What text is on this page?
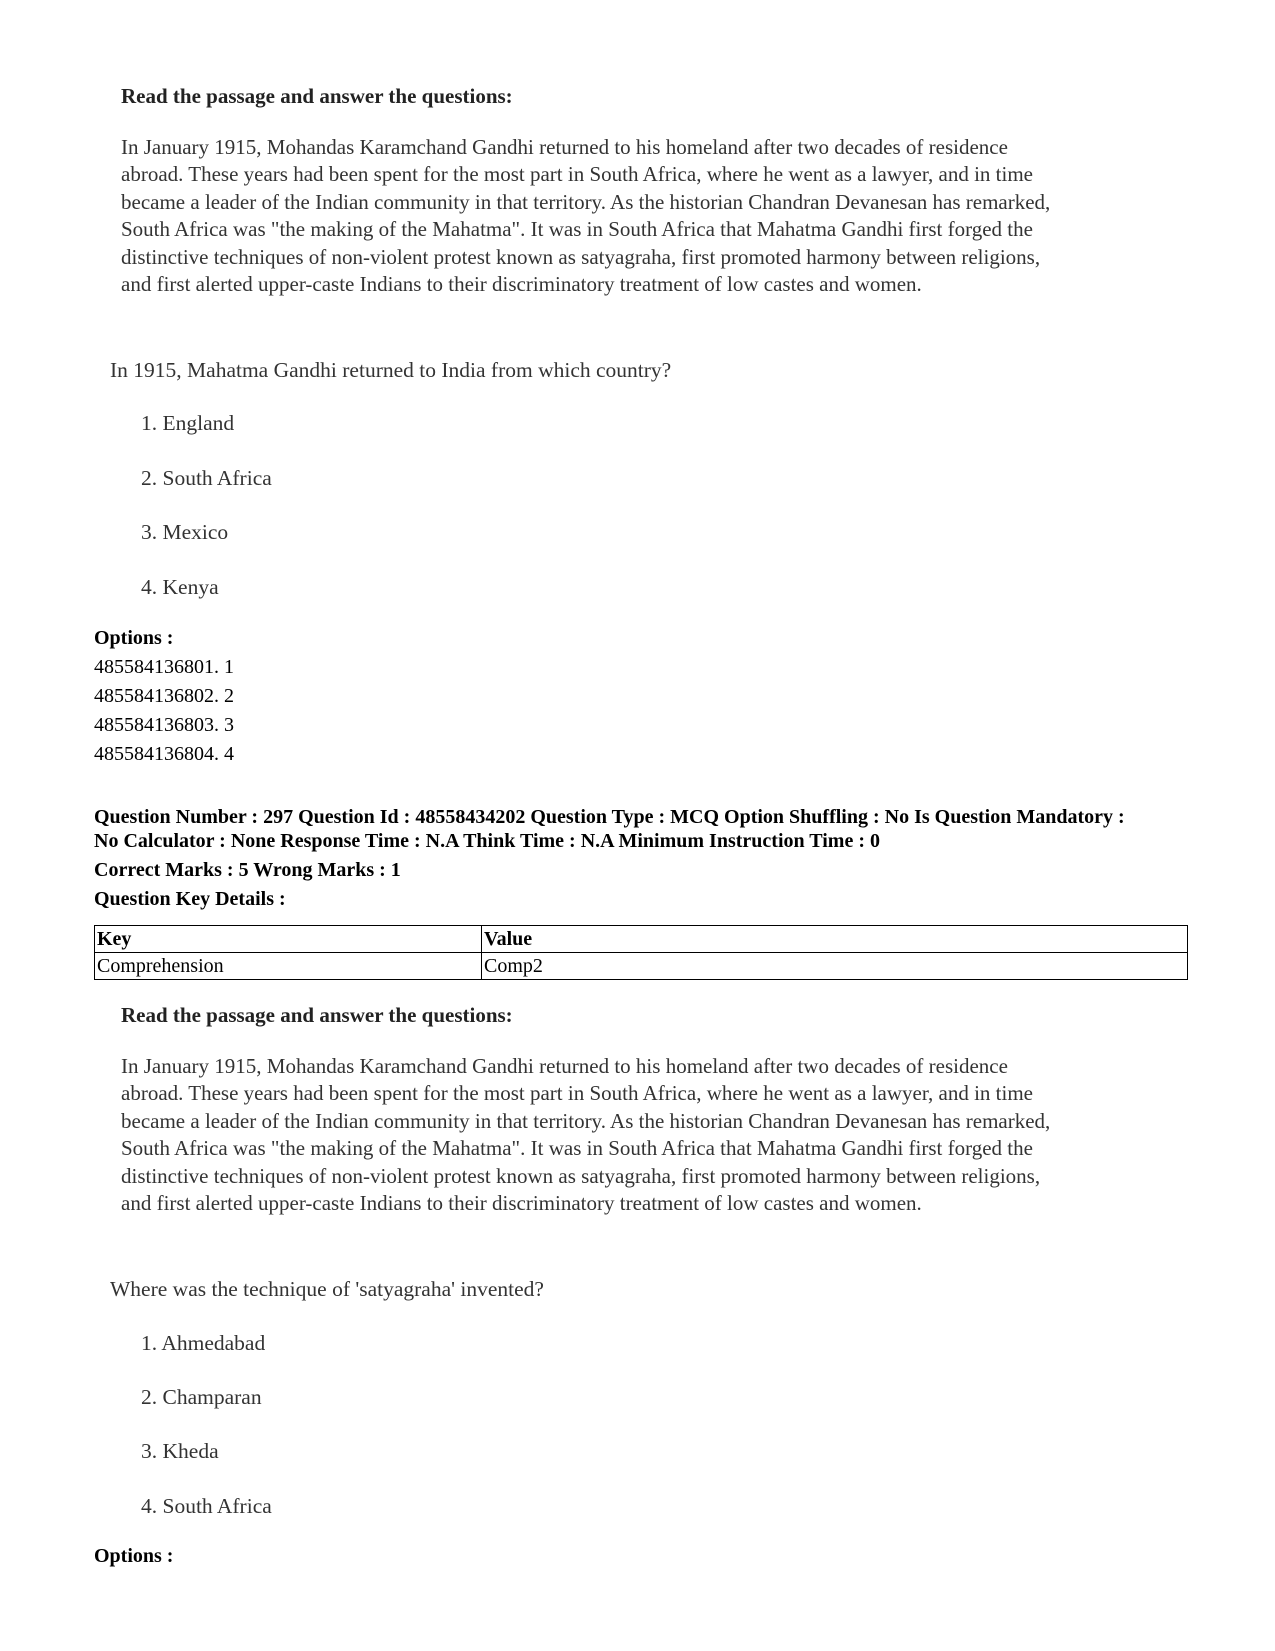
Read the passage and answer the questions:
In January 1915, Mohandas Karamchand Gandhi returned to his homeland after two decades of residence
abroad. These years had been spent for the most part in South Africa, where he went as a lawyer, and in time
became a leader of the Indian community in that territory. As the historian Chandran Devanesan has remarked,
South Africa was "the making of the Mahatma". It was in South Africa that Mahatma Gandhi first forged the
distinctive techniques of non-violent protest known as satyagraha, first promoted harmony between religions,
and first alerted upper-caste Indians to their discriminatory treatment of low castes and women.
In 1915, Mahatma Gandhi returned to India from which country?
1. England
2. South Africa
3. Mexico
4. Kenya
Options :
485584136801. 1
485584136802. 2
485584136803. 3
485584136804. 4
Question Number : 297 Question Id : 48558434202 Question Type : MCQ Option Shuffling : No Is Question Mandatory :
No Calculator : None Response Time : N.A Think Time : N.A Minimum Instruction Time : 0
Correct Marks : 5 Wrong Marks : 1
Question Key Details :
Key	Value
Comprehension	Comp2
Read the passage and answer the questions:
In January 1915, Mohandas Karamchand Gandhi returned to his homeland after two decades of residence
abroad. These years had been spent for the most part in South Africa, where he went as a lawyer, and in time
became a leader of the Indian community in that territory. As the historian Chandran Devanesan has remarked,
South Africa was "the making of the Mahatma". It was in South Africa that Mahatma Gandhi first forged the
distinctive techniques of non-violent protest known as satyagraha, first promoted harmony between religions,
and first alerted upper-caste Indians to their discriminatory treatment of low castes and women.
Where was the technique of 'satyagraha' invented?
1. Ahmedabad
2. Champaran
3. Kheda
4. South Africa
Options :
